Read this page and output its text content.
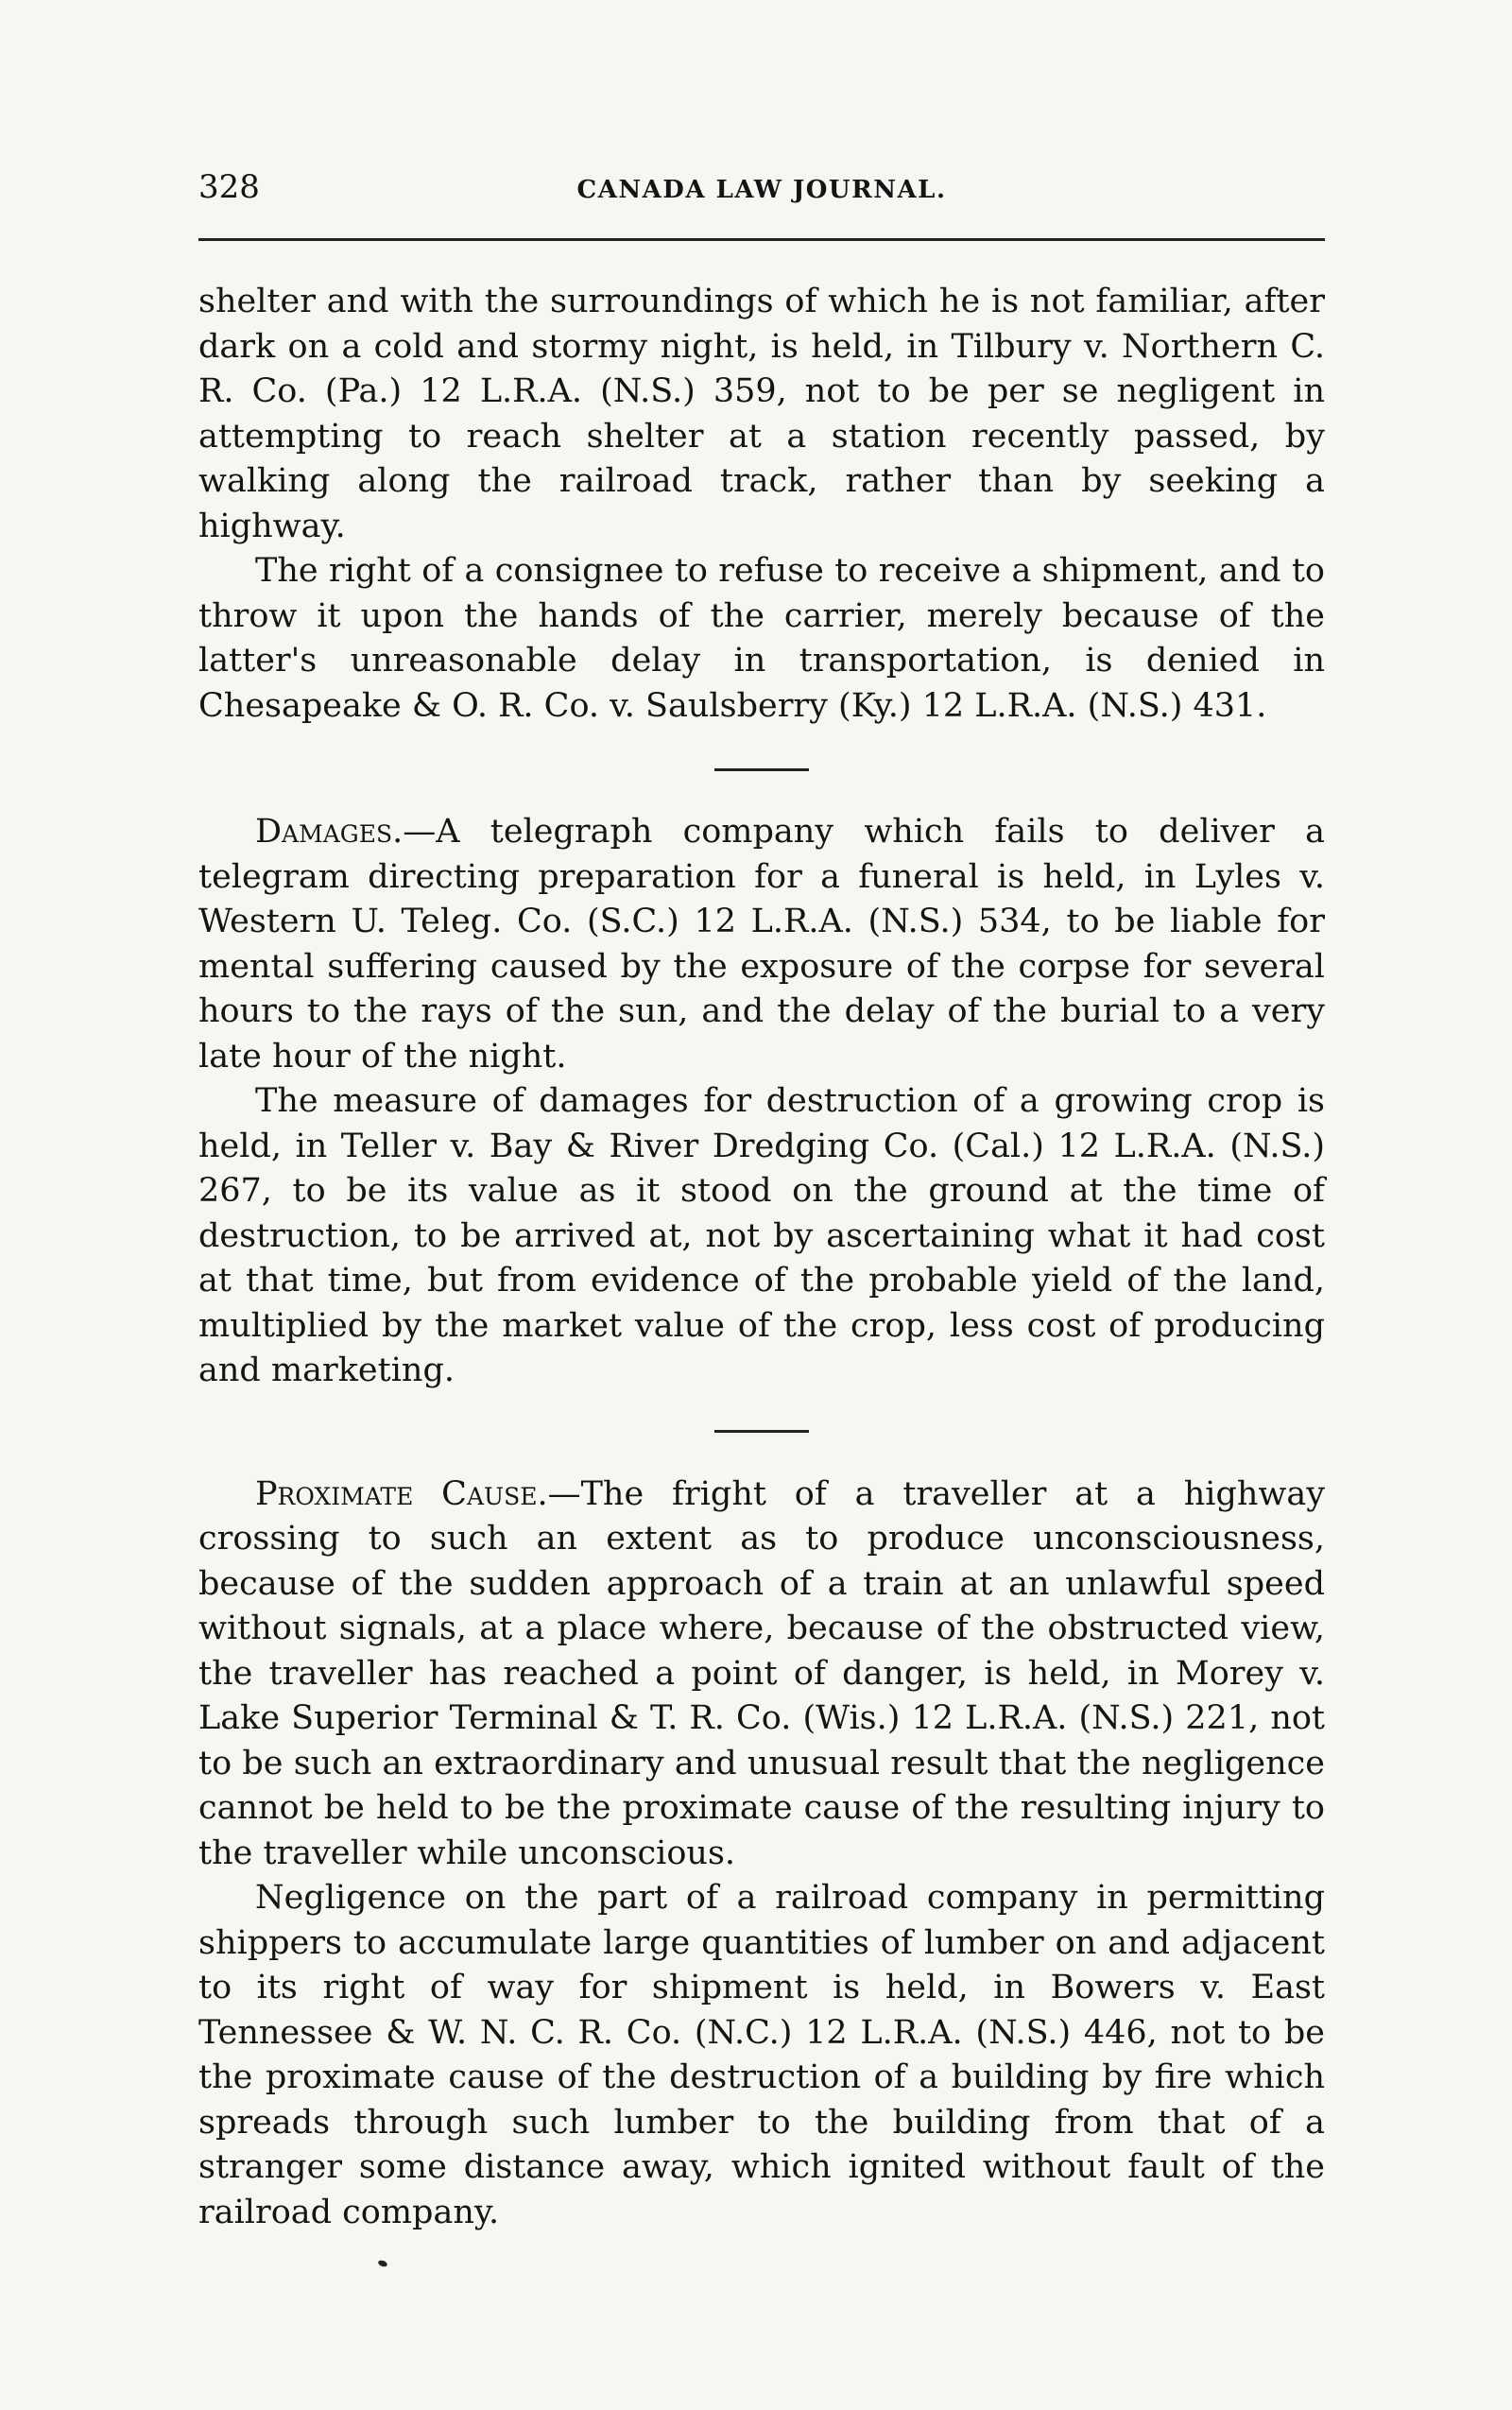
328	CANADA LAW JOURNAL.

shelter and with the surroundings of which he is not familiar, after dark on a cold and stormy night, is held, in Tilbury v. Northern C. R. Co. (Pa.) 12 L.R.A. (N.S.) 359, not to be per se negligent in attempting to reach shelter at a station recently passed, by walking along the railroad track, rather than by seeking a highway.

The right of a consignee to refuse to receive a shipment, and to throw it upon the hands of the carrier, merely because of the latter's unreasonable delay in transportation, is denied in Chesapeake & O. R. Co. v. Saulsberry (Ky.) 12 L.R.A. (N.S.) 431.

Damages.—A telegraph company which fails to deliver a telegram directing preparation for a funeral is held, in Lyles v. Western U. Teleg. Co. (S.C.) 12 L.R.A. (N.S.) 534, to be liable for mental suffering caused by the exposure of the corpse for several hours to the rays of the sun, and the delay of the burial to a very late hour of the night.

The measure of damages for destruction of a growing crop is held, in Teller v. Bay & River Dredging Co. (Cal.) 12 L.R.A. (N.S.) 267, to be its value as it stood on the ground at the time of destruction, to be arrived at, not by ascertaining what it had cost at that time, but from evidence of the probable yield of the land, multiplied by the market value of the crop, less cost of producing and marketing.

Proximate Cause.—The fright of a traveller at a highway crossing to such an extent as to produce unconsciousness, because of the sudden approach of a train at an unlawful speed without signals, at a place where, because of the obstructed view, the traveller has reached a point of danger, is held, in Morey v. Lake Superior Terminal & T. R. Co. (Wis.) 12 L.R.A. (N.S.) 221, not to be such an extraordinary and unusual result that the negligence cannot be held to be the proximate cause of the resulting injury to the traveller while unconscious.

Negligence on the part of a railroad company in permitting shippers to accumulate large quantities of lumber on and adjacent to its right of way for shipment is held, in Bowers v. East Tennessee & W. N. C. R. Co. (N.C.) 12 L.R.A. (N.S.) 446, not to be the proximate cause of the destruction of a building by fire which spreads through such lumber to the building from that of a stranger some distance away, which ignited without fault of the railroad company.
